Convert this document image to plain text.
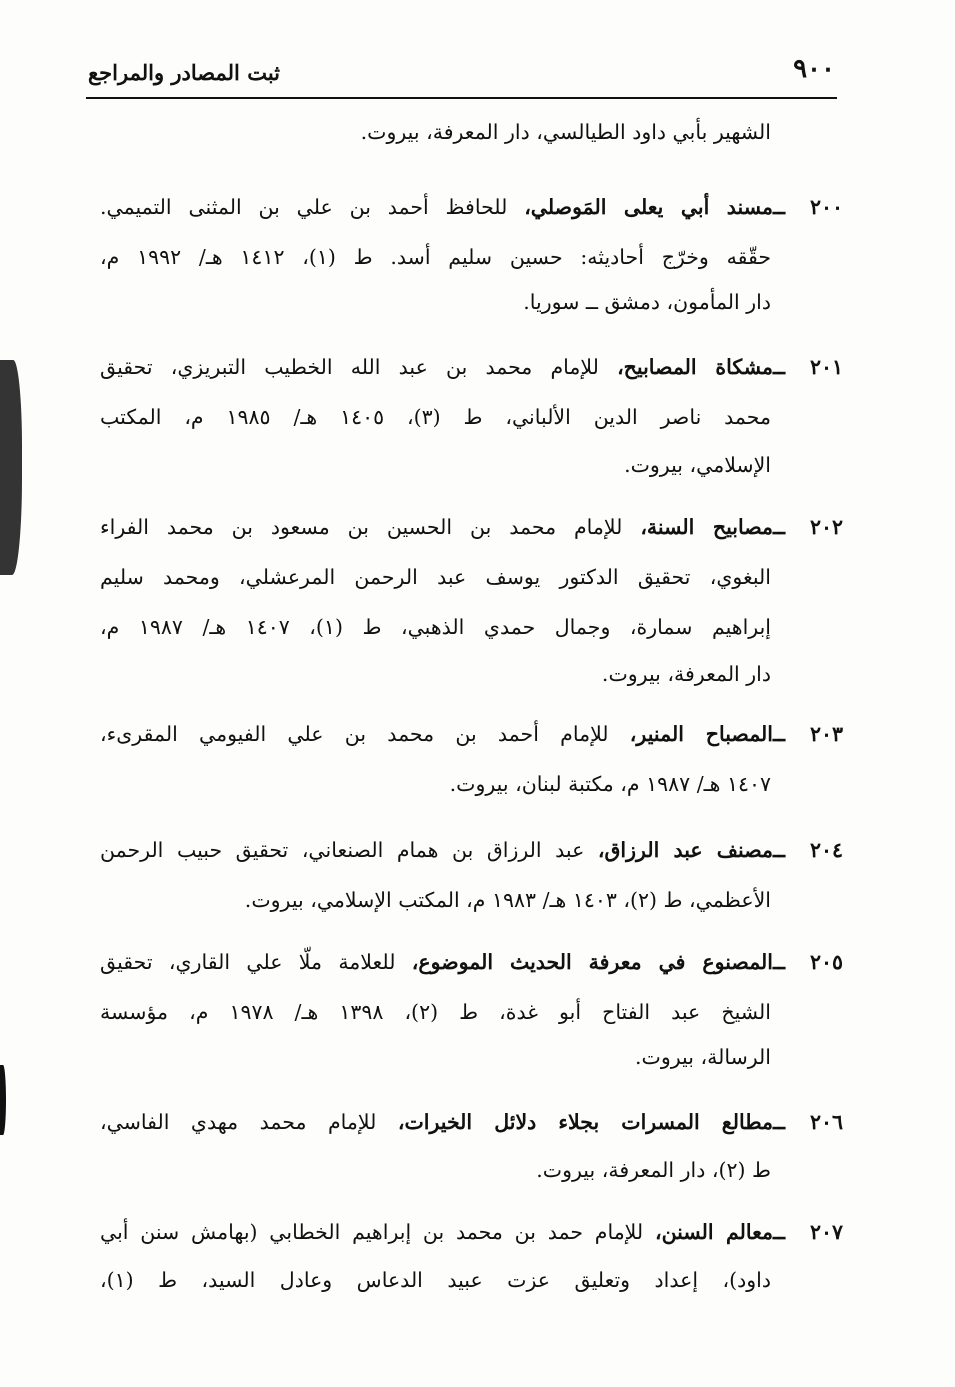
٩٠٠
ثبت المصادر والمراجع
الشهير بأبي داود الطيالسي، دار المعرفة، بيروت.
٢٠٠ ــمسند أبي يعلى المَوصلي، للحافظ أحمد بن علي بن المثنى التميمي.
حقّقه وخرّج أحاديثه: حسين سليم أسد. ط (١)، ١٤١٢ هـ/ ١٩٩٢ م،
دار المأمون، دمشق ــ سوريا.
٢٠١ ــمشكاة المصابيح، للإمام محمد بن عبد الله الخطيب التبريزي، تحقيق
محمد ناصر الدين الألباني، ط (٣)، ١٤٠٥ هـ/ ١٩٨٥ م، المكتب
الإسلامي، بيروت.
٢٠٢ ــمصابيح السنة، للإمام محمد بن الحسين بن مسعود بن محمد الفراء
البغوي، تحقيق الدكتور يوسف عبد الرحمن المرعشلي، ومحمد سليم
إبراهيم سمارة، وجمال حمدي الذهبي، ط (١)، ١٤٠٧ هـ/ ١٩٨٧ م،
دار المعرفة، بيروت.
٢٠٣ ــالمصباح المنير، للإمام أحمد بن محمد بن علي الفيومي المقرىء،
١٤٠٧ هـ/ ١٩٨٧ م، مكتبة لبنان، بيروت.
٢٠٤ ــمصنف عبد الرزاق، عبد الرزاق بن همام الصنعاني، تحقيق حبيب الرحمن
الأعظمي، ط (٢)، ١٤٠٣ هـ/ ١٩٨٣ م، المكتب الإسلامي، بيروت.
٢٠٥ ــالمصنوع في معرفة الحديث الموضوع، للعلامة ملّا علي القاري، تحقيق
الشيخ عبد الفتاح أبو غدة، ط (٢)، ١٣٩٨ هـ/ ١٩٧٨ م، مؤسسة
الرسالة، بيروت.
٢٠٦ ــمطالع المسرات بجلاء دلائل الخيرات، للإمام محمد مهدي الفاسي،
ط (٢)، دار المعرفة، بيروت.
٢٠٧ ــمعالم السنن، للإمام حمد بن محمد بن إبراهيم الخطابي (بهامش سنن أبي
داود)، إعداد وتعليق عزت عبيد الدعاس وعادل السيد، ط (١)،
